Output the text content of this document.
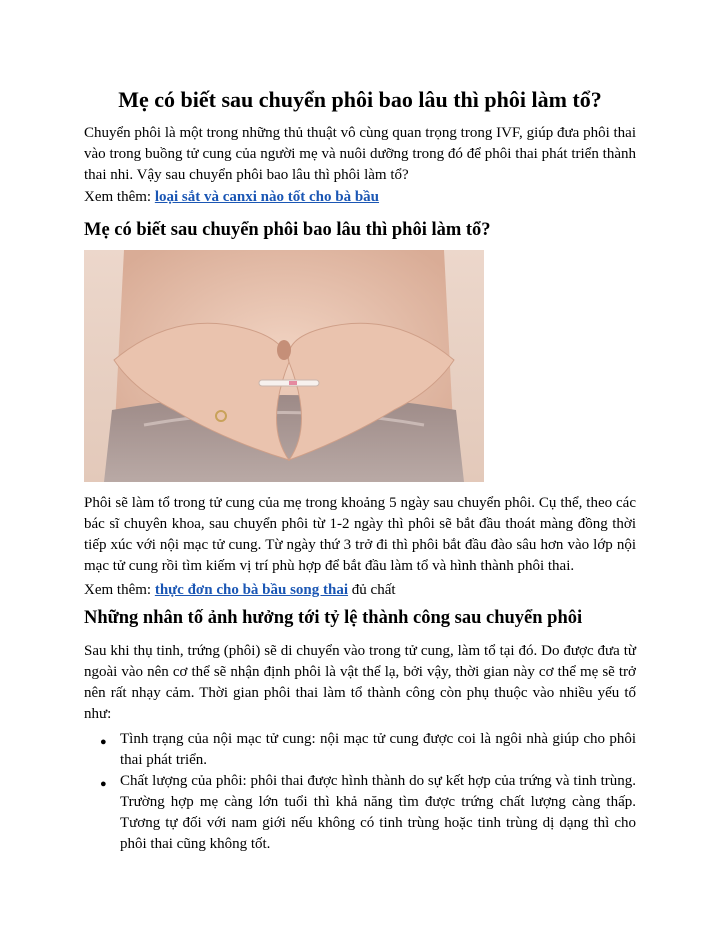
Mẹ có biết sau chuyển phôi bao lâu thì phôi làm tổ?

Chuyển phôi là một trong những thủ thuật vô cùng quan trọng trong IVF, giúp đưa phôi thai vào trong buồng tử cung của người mẹ và nuôi dưỡng trong đó để phôi thai phát triển thành thai nhi. Vậy sau chuyển phôi bao lâu thì phôi làm tổ?

Xem thêm: loại sắt và canxi nào tốt cho bà bầu

Mẹ có biết sau chuyển phôi bao lâu thì phôi làm tổ?

Phôi sẽ làm tổ trong tử cung của mẹ trong khoảng 5 ngày sau chuyển phôi. Cụ thể, theo các bác sĩ chuyên khoa, sau chuyển phôi từ 1-2 ngày thì phôi sẽ bắt đầu thoát màng đồng thời tiếp xúc với nội mạc tử cung. Từ ngày thứ 3 trở đi thì phôi bắt đầu đào sâu hơn vào lớp nội mạc tử cung rồi tìm kiếm vị trí phù hợp để bắt đầu làm tổ và hình thành phôi thai.

Xem thêm: thực đơn cho bà bầu song thai đủ chất

Những nhân tố ảnh hưởng tới tỷ lệ thành công sau chuyển phôi

Sau khi thụ tinh, trứng (phôi) sẽ di chuyển vào trong tử cung, làm tổ tại đó. Do được đưa từ ngoài vào nên cơ thể sẽ nhận định phôi là vật thể lạ, bởi vậy, thời gian này cơ thể mẹ sẽ trở nên rất nhạy cảm. Thời gian phôi thai làm tổ thành công còn phụ thuộc vào nhiều yếu tố như:

● Tình trạng của nội mạc tử cung: nội mạc tử cung được coi là ngôi nhà giúp cho phôi thai phát triển.
● Chất lượng của phôi: phôi thai được hình thành do sự kết hợp của trứng và tinh trùng. Trường hợp mẹ càng lớn tuổi thì khả năng tìm được trứng chất lượng càng thấp. Tương tự đối với nam giới nếu không có tinh trùng hoặc tinh trùng dị dạng thì cho phôi thai cũng không tốt.
